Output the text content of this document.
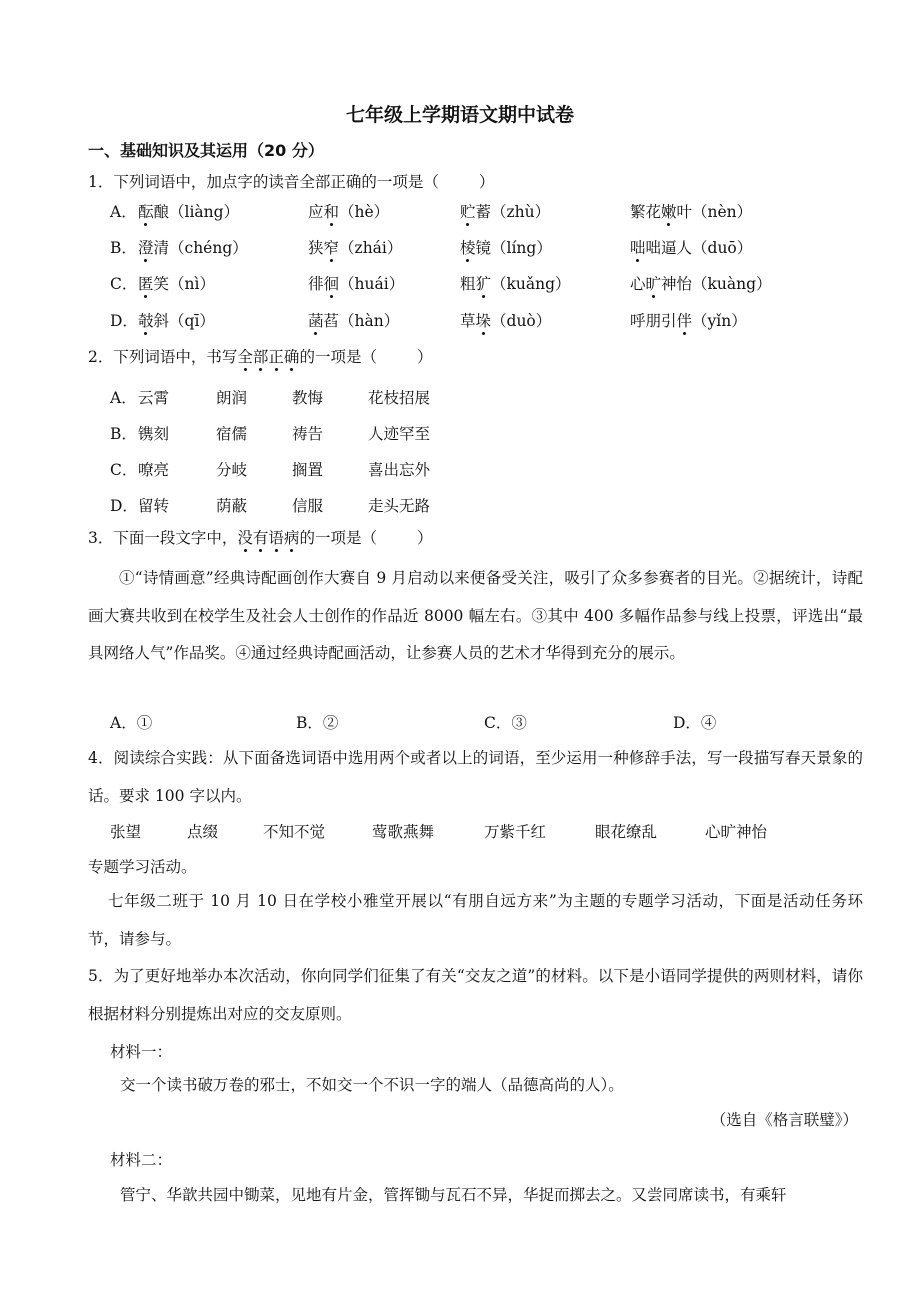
七年级上学期语文期中试卷
一、基础知识及其运用（20 分）
1．下列词语中，加点字的读音全部正确的一项是（	）
A． 酝酿（liàng）	应和（hè）	贮蓄（zhù）	繁花嫩叶（nèn）
B． 澄清（chéng）	狭窄（zhái）	棱镜（líng）	咄咄逼人（duō）
C． 匿笑（nì）	徘徊（huái）	粗犷（kuǎng）	心旷神怡（kuàng）
D． 攲斜（qī）	菡萏（hàn）	草垛（duò）	呼朋引伴（yǐn）
2．下列词语中，书写全部正确的一项是（	）
A． 云霄	朗润	教悔	花枝招展
B． 镌刻	宿儒	祷告	人迹罕至
C． 嘹亮	分岐	搁置	喜出忘外
D． 留转	荫蔽	信服	走头无路
3．下面一段文字中，没有语病的一项是（	）
①“诗情画意”经典诗配画创作大赛自 9 月启动以来便备受关注，吸引了众多参赛者的目光。②据统计，诗配画大赛共收到在校学生及社会人士创作的作品近 8000 幅左右。③其中 400 多幅作品参与线上投票，评选出“最具网络人气”作品奖。④通过经典诗配画活动，让参赛人员的艺术才华得到充分的展示。
A．①	B．②	C．③	D．④
4．阅读综合实践：从下面备选词语中选用两个或者以上的词语，至少运用一种修辞手法，写一段描写春天景象的话。要求 100 字以内。
张望	点缀	不知不觉	莺歌燕舞	万紫千红	眼花缭乱	心旷神怡
专题学习活动。
七年级二班于 10 月 10 日在学校小雅堂开展以“有朋自远方来”为主题的专题学习活动，下面是活动任务环节，请参与。
5．为了更好地举办本次活动，你向同学们征集了有关“交友之道”的材料。以下是小语同学提供的两则材料，请你根据材料分别提炼出对应的交友原则。
材料一：
交一个读书破万卷的邪士，不如交一个不识一字的端人（品德高尚的人）。
（选自《格言联璧》）
材料二：
管宁、华歆共园中锄菜，见地有片金，管挥锄与瓦石不异，华捉而掷去之。又尝同席读书，有乘轩
